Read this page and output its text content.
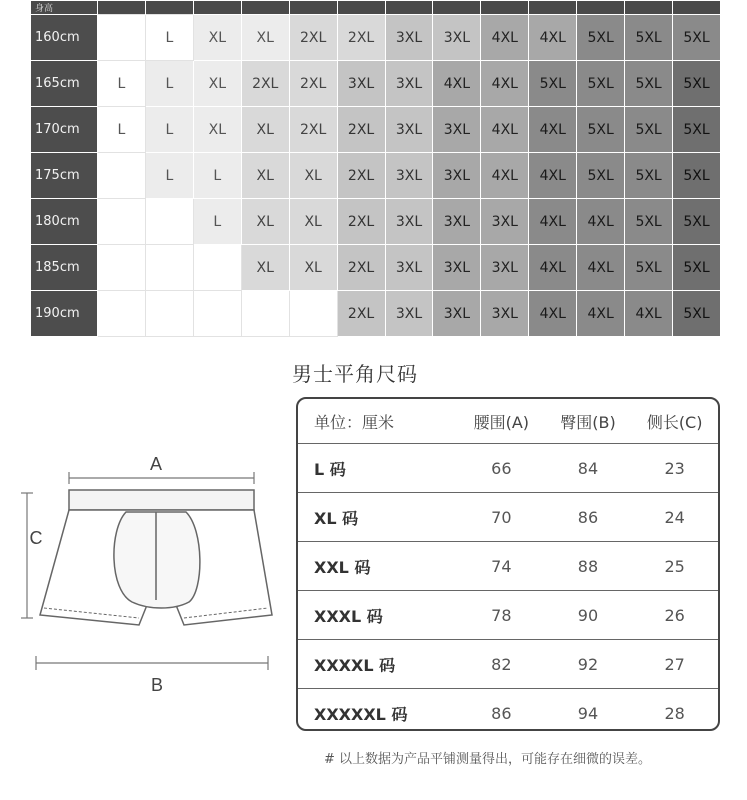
身高													
160cm		L	XL	XL	2XL	2XL	3XL	3XL	4XL	4XL	5XL	5XL	5XL
165cm	L	L	XL	2XL	2XL	3XL	3XL	4XL	4XL	5XL	5XL	5XL	5XL
170cm	L	L	XL	XL	2XL	2XL	3XL	3XL	4XL	4XL	5XL	5XL	5XL
175cm		L	L	XL	XL	2XL	3XL	3XL	4XL	4XL	5XL	5XL	5XL
180cm			L	XL	XL	2XL	3XL	3XL	3XL	4XL	4XL	5XL	5XL
185cm				XL	XL	2XL	3XL	3XL	3XL	4XL	4XL	5XL	5XL
190cm						2XL	3XL	3XL	3XL	4XL	4XL	4XL	5XL
男士平角尺码
A
C
B
单位：厘米	腰围(A)	臀围(B)	侧长(C)
L 码	66	84	23
XL 码	70	86	24
XXL 码	74	88	25
XXXL 码	78	90	26
XXXXL 码	82	92	27
XXXXXL 码	86	94	28
# 以上数据为产品平铺测量得出，可能存在细微的误差。
